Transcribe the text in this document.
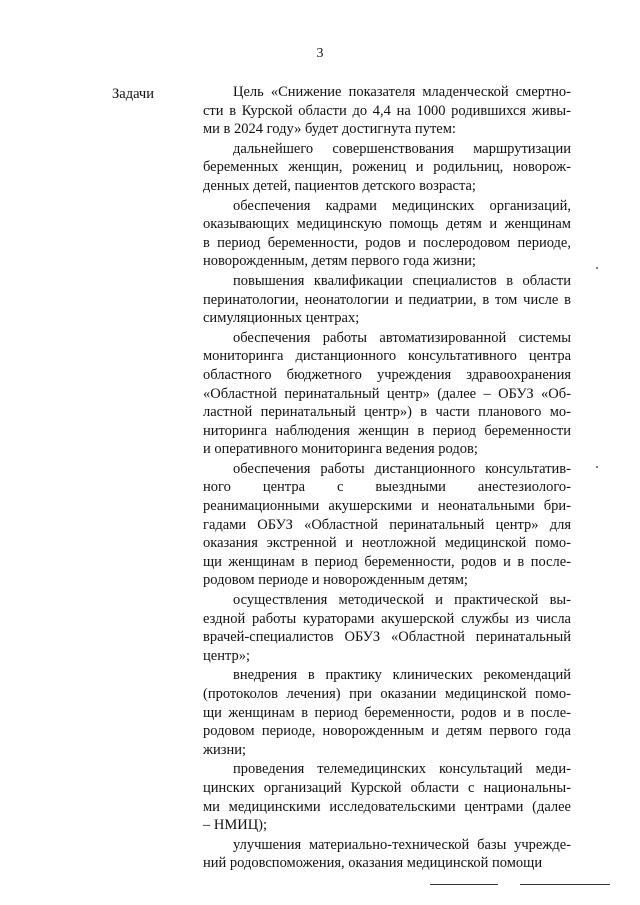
3
Задачи	Цель «Снижение показателя младенческой смертно-
сти в Курской области до 4,4 на 1000 родившихся живы-
ми в 2024 году» будет достигнута путем:
дальнейшего совершенствования маршрутизации
беременных женщин, рожениц и родильниц, новорож-
денных детей, пациентов детского возраста;
обеспечения кадрами медицинских организаций,
оказывающих медицинскую помощь детям и женщинам
в период беременности, родов и послеродовом периоде,
новорожденным, детям первого года жизни;
повышения квалификации специалистов в области
перинатологии, неонатологии и педиатрии, в том числе в
симуляционных центрах;
обеспечения работы автоматизированной системы
мониторинга дистанционного консультативного центра
областного бюджетного учреждения здравоохранения
«Областной перинатальный центр» (далее – ОБУЗ «Об-
ластной перинатальный центр») в части планового мо-
ниторинга наблюдения женщин в период беременности
и оперативного мониторинга ведения родов;
обеспечения работы дистанционного консультатив-
ного центра с выездными анестезиолого-
реанимационными акушерскими и неонатальными бри-
гадами ОБУЗ «Областной перинатальный центр» для
оказания экстренной и неотложной медицинской помо-
щи женщинам в период беременности, родов и в после-
родовом периоде и новорожденным детям;
осуществления методической и практической вы-
ездной работы кураторами акушерской службы из числа
врачей-специалистов ОБУЗ «Областной перинатальный
центр»;
внедрения в практику клинических рекомендаций
(протоколов лечения) при оказании медицинской помо-
щи женщинам в период беременности, родов и в после-
родовом периоде, новорожденным и детям первого года
жизни;
проведения телемедицинских консультаций меди-
цинских организаций Курской области с национальны-
ми медицинскими исследовательскими центрами (далее
– НМИЦ);
улучшения материально-технической базы учрежде-
ний родовспоможения, оказания медицинской помощи
